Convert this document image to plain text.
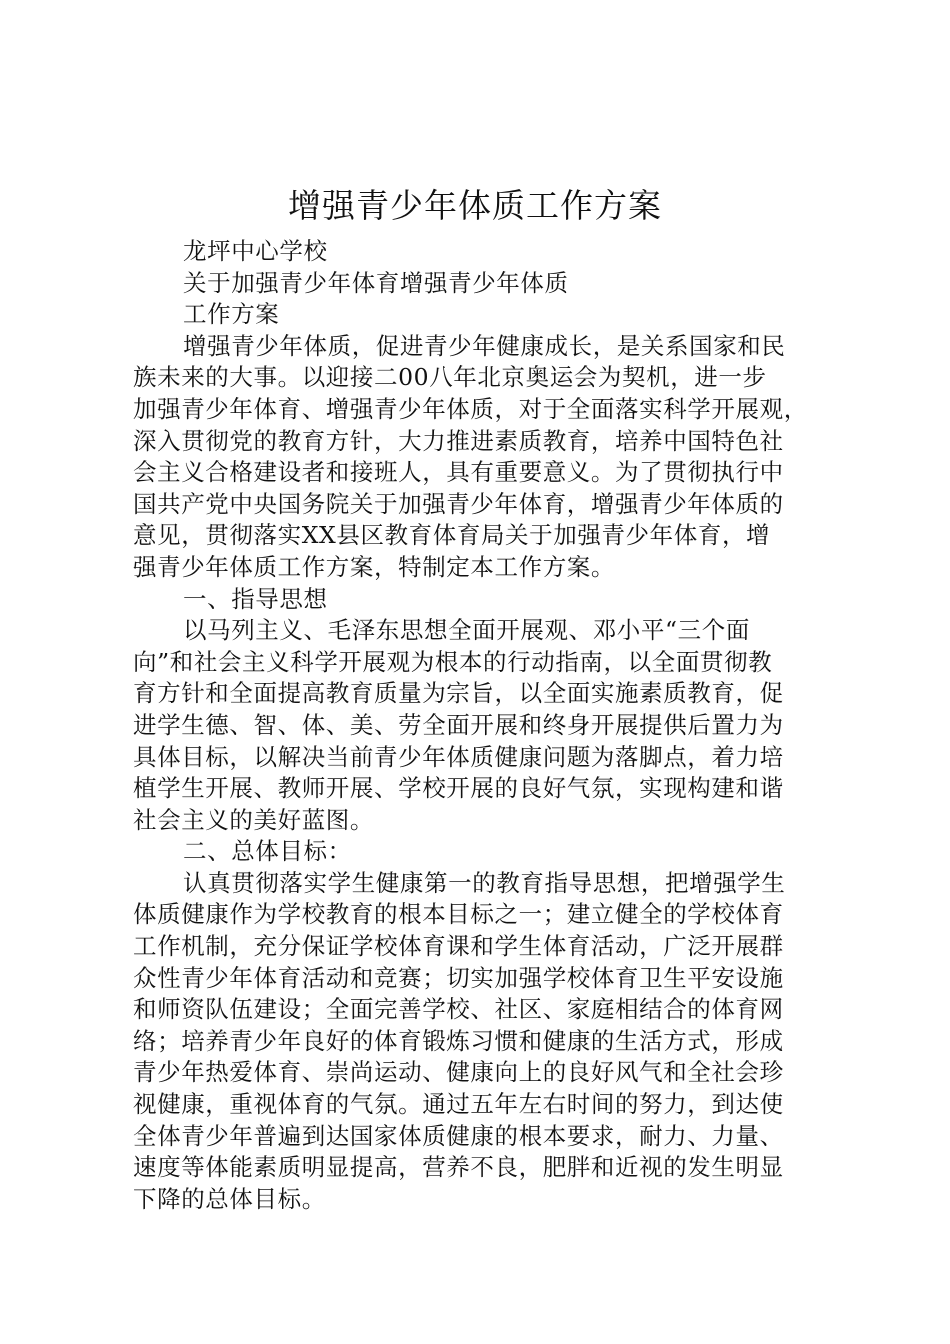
增强青少年体质工作方案
龙坪中心学校
关于加强青少年体育增强青少年体质
工作方案
增强青少年体质，促进青少年健康成长，是关系国家和民
族未来的大事。以迎接二00八年北京奥运会为契机，进一步
加强青少年体育、增强青少年体质，对于全面落实科学开展观，
深入贯彻党的教育方针，大力推进素质教育，培养中国特色社
会主义合格建设者和接班人，具有重要意义。为了贯彻执行中
国共产党中央国务院关于加强青少年体育，增强青少年体质的
意见，贯彻落实XX县区教育体育局关于加强青少年体育，增
强青少年体质工作方案，特制定本工作方案。
一、指导思想
以马列主义、毛泽东思想全面开展观、邓小平“三个面
向”和社会主义科学开展观为根本的行动指南，以全面贯彻教
育方针和全面提高教育质量为宗旨，以全面实施素质教育，促
进学生德、智、体、美、劳全面开展和终身开展提供后置力为
具体目标，以解决当前青少年体质健康问题为落脚点，着力培
植学生开展、教师开展、学校开展的良好气氛，实现构建和谐
社会主义的美好蓝图。
二、总体目标：
认真贯彻落实学生健康第一的教育指导思想，把增强学生
体质健康作为学校教育的根本目标之一；建立健全的学校体育
工作机制，充分保证学校体育课和学生体育活动，广泛开展群
众性青少年体育活动和竞赛；切实加强学校体育卫生平安设施
和师资队伍建设；全面完善学校、社区、家庭相结合的体育网
络；培养青少年良好的体育锻炼习惯和健康的生活方式，形成
青少年热爱体育、崇尚运动、健康向上的良好风气和全社会珍
视健康，重视体育的气氛。通过五年左右时间的努力，到达使
全体青少年普遍到达国家体质健康的根本要求，耐力、力量、
速度等体能素质明显提高，营养不良，肥胖和近视的发生明显
下降的总体目标。
